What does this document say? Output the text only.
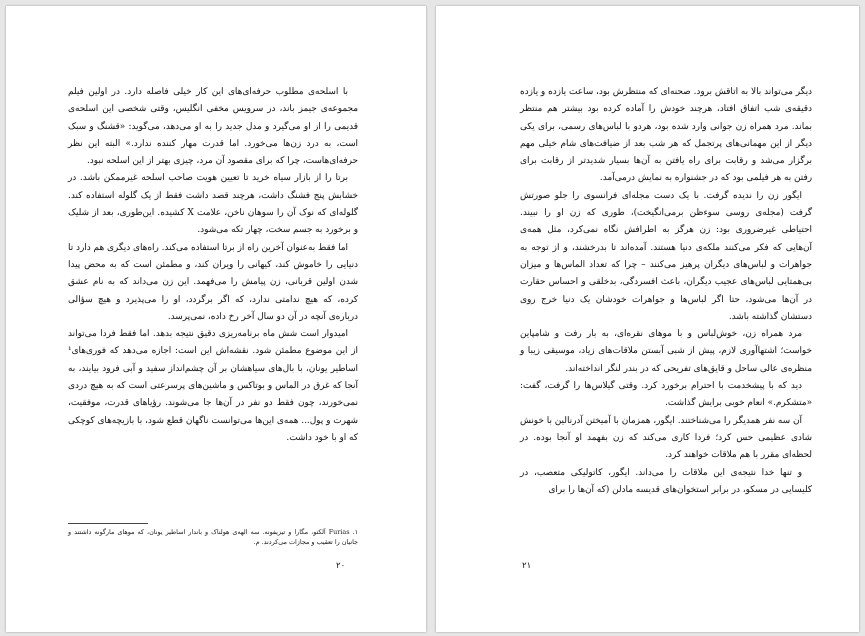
با اسلحه‌ی مطلوب حرفه‌ای‌های این کار خیلی فاصله دارد. در اولین فیلم مجموعه‌ی جیمز باند، در سرویس مخفی انگلیس، وقتی شخصی این اسلحه‌ی قدیمی را از او می‌گیرد و مدل جدید را به او می‌دهد، می‌گوید: «قشنگ و سبک است، به درد زن‌ها می‌خورد. اما قدرت مهار کننده ندارد.» البته این نظر حرفه‌ای‌هاست، چرا که برای مقصود آن مرد، چیزی بهتر از این اسلحه نبود.

برتا را از بازار سیاه خرید تا تعیین هویت صاحب اسلحه غیرممکن باشد. در خشابش پنج فشنگ داشت، هرچند قصد داشت فقط از یک گلوله استفاده کند. گلوله‌ای که نوک آن را سوهان ناخن، علامت X کشیده. این‌طوری، بعد از شلیک و برخورد به جسم سخت، چهار تکه می‌شود.

اما فقط به‌عنوان آخرین راه از برتا استفاده می‌کند. راه‌های دیگری هم دارد تا دنیایی را خاموش کند، کیهانی را ویران کند، و مطمئن است که به محض پیدا شدن اولین قربانی، زن پیامش را می‌فهمد. این زن می‌داند که به نام عشق کرده، که هیچ ندامتی ندارد، که اگر برگردد، او را می‌پذیرد و هیچ سؤالی درباره‌ی آنچه در آن دو سال آخر رخ داده، نمی‌پرسد.

امیدوار است شش ماه برنامه‌ریزی دقیق نتیجه بدهد. اما فقط فردا می‌تواند از این موضوع مطمئن شود. نقشه‌اش این است: اجازه می‌دهد که فوری‌های¹ اساطیر یونان، با بال‌های سیاهشان بر آن چشم‌انداز سفید و آبی فرود بیایند، به آنجا که غرق در الماس و بوتاکس و ماشین‌های پرسرعتی است که به هیچ دردی نمی‌خورند، چون فقط دو نفر در آن‌ها جا می‌شوند. رؤیاهای قدرت، موفقیت، شهرت و پول... همه‌ی این‌ها می‌توانست ناگهان قطع شود، با بازیچه‌های کوچکی که او با خود داشت.

۱. Furias آلکتو، مگارا و تیزیفونه. سه الهه‌ی هولناک و باندار اساطیر یونان، که موهای مارگونه داشتند و جانیان را تعقیب و مجازات می‌کردند. م.
۲۰

دیگر می‌تواند بالا به اتاقش برود. صحنه‌ای که منتظرش بود، ساعت یازده و یازده دقیقه‌ی شب اتفاق افتاد، هرچند خودش را آماده کرده بود بیشتر هم منتظر بماند. مرد همراه زن جوانی وارد شده بود، هردو با لباس‌های رسمی، برای یکی دیگر از این مهمانی‌های پرتجمل که هر شب بعد از ضیافت‌های شام خیلی مهم برگزار می‌شد و رقابت برای راه یافتن به آن‌ها بسیار شدیدتر از رقابت برای رفتن به هر فیلمی بود که در جشنواره به نمایش درمی‌آمد.

ایگور زن را ندیده گرفت. با یک دست مجله‌ای فرانسوی را جلو صورتش گرفت (مجله‌ی روسی سوءظن برمی‌انگیخت)، طوری که زن او را نبیند. احتیاطی غیرضروری بود: زن هرگز به اطرافش نگاه نمی‌کرد، مثل همه‌ی آن‌هایی که فکر می‌کنند ملکه‌ی دنیا هستند. آمده‌اند تا بدرخشند، و از توجه به جواهرات و لباس‌های دیگران پرهیز می‌کنند – چرا که تعداد الماس‌ها و میزان بی‌همتایی لباس‌های عجیب دیگران، باعث افسردگی، بدخلقی و احساس حقارت در آن‌ها می‌شود، حتا اگر لباس‌ها و جواهرات خودشان یک دنیا خرج روی دستشان گذاشته باشد.

مرد همراه زن، خوش‌لباس و با موهای نقره‌ای، به بار رفت و شامپاین خواست؛ اشتهاآوری لازم، پیش از شبی آبستن ملاقات‌های زیاد، موسیقی زیبا و منظره‌ی عالی ساحل و قایق‌های تفریحی که در بندر لنگر انداخته‌اند.

دید که با پیشخدمت با احترام برخورد کرد. وقتی گیلاس‌ها را گرفت، گفت: «متشکرم.» انعام خوبی برایش گذاشت.

آن سه نفر همدیگر را می‌شناختند. ایگور، همزمان با آمیختن آدرنالین با خونش شادی عظیمی حس کرد؛ فردا کاری می‌کند که زن بفهمد او آنجا بوده. در لحظه‌ای مقرر با هم ملاقات خواهند کرد.

و تنها خدا نتیجه‌ی این ملاقات را می‌داند. ایگور، کاتولیکی متعصب، در کلیسایی در مسکو، در برابر استخوان‌های قدیسه مادلن (که آن‌ها را برای

۲۱
